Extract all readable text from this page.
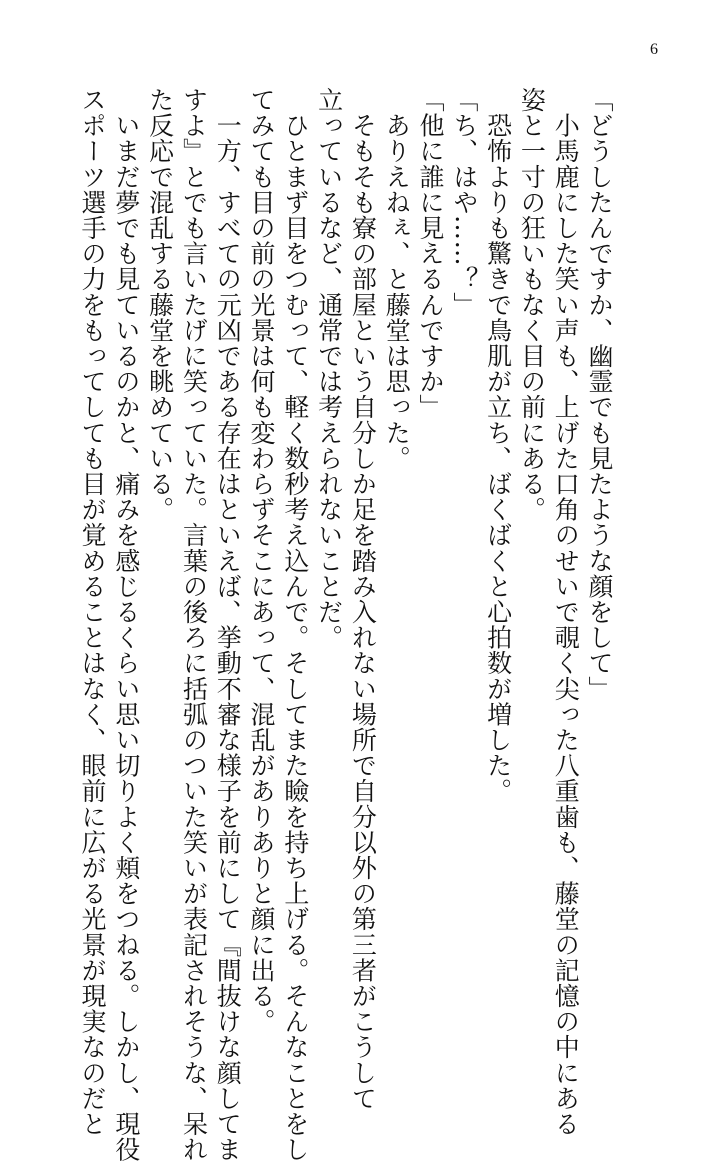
6
「どうしたんですか、幽霊でも見たような顔をして」
　小馬鹿にした笑い声も、上げた口角のせいで覗く尖った八重歯も、藤堂の記憶の中にある
姿と一寸の狂いもなく目の前にある。
　恐怖よりも驚きで鳥肌が立ち、ばくばくと心拍数が増した。
「ち、はや……？」
「他に誰に見えるんですか」
　ありえねぇ、と藤堂は思った。
　そもそも寮の部屋という自分しか足を踏み入れない場所で自分以外の第三者がこうして
立っているなど、通常では考えられないことだ。
　ひとまず目をつむって、軽く数秒考え込んで。そしてまた瞼を持ち上げる。そんなことをし
てみても目の前の光景は何も変わらずそこにあって、混乱がありありと顔に出る。
　一方、すべての元凶である存在はといえば、挙動不審な様子を前にして『間抜けな顔してま
すよ』とでも言いたげに笑っていた。言葉の後ろに括弧のついた笑いが表記されそうな、呆れ
た反応で混乱する藤堂を眺めている。
　いまだ夢でも見ているのかと、痛みを感じるくらい思い切りよく頬をつねる。しかし、現役
スポーツ選手の力をもってしても目が覚めることはなく、眼前に広がる光景が現実なのだと
